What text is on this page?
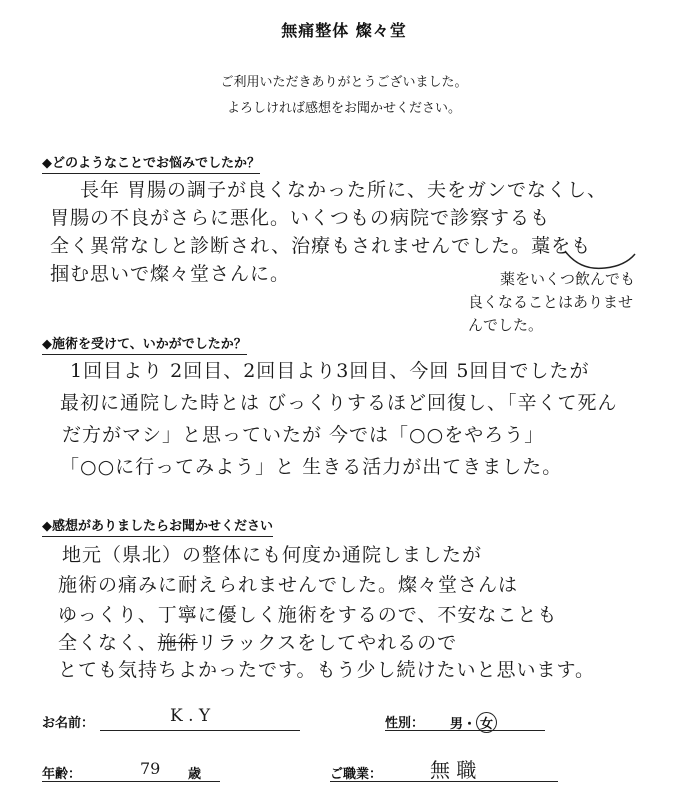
無痛整体 燦々堂
ご利用いただきありがとうございました。
よろしければ感想をお聞かせください。
◆どのようなことでお悩みでしたか？
長年 胃腸の調子が良くなかった所に、夫をガンでなくし、
胃腸の不良がさらに悪化。いくつもの病院で診察するも
全く異常なしと診断され、治療もされませんでした。藁をも
掴む思いで燦々堂さんに。	薬をいくつ飲んでも
良くなることはありませ
んでした。
◆施術を受けて、いかがでしたか？
1回目より 2回目、2回目より3回目、今回 5回目でしたが
最初に通院した時とは びっくりするほど回復し、「辛くて死ん
だ方がマシ」と思っていたが 今では「○○をやろう」
「○○に行ってみよう」と 生きる活力が出てきました。
◆感想がありましたらお聞かせください
地元（県北）の整体にも何度か通院しましたが
施術の痛みに耐えられませんでした。燦々堂さんは
ゆっくり、丁寧に優しく施術をするので、不安なことも
全くなく、施術リラックスをしてやれるので
とても気持ちよかったです。もう少し続けたいと思います。
お名前：	K . Y	性別： 男・ 女
年齢：	79 歳	ご職業： 無 職
